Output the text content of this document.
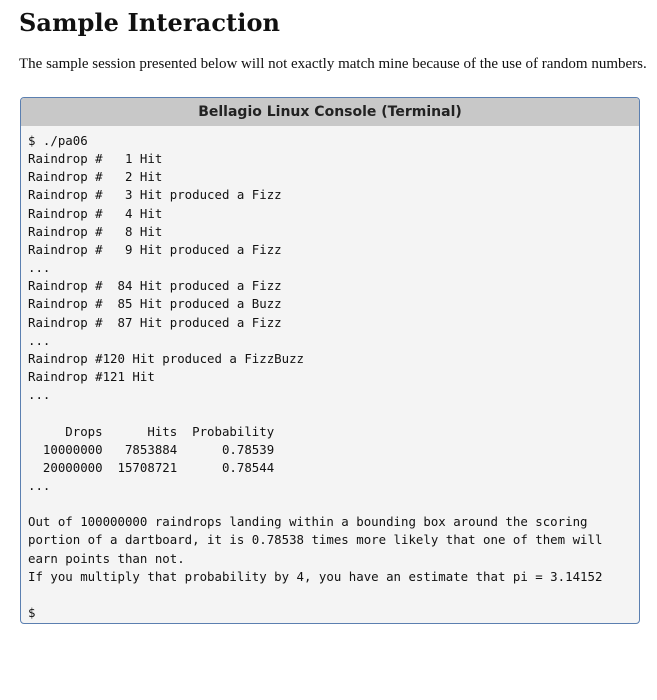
Sample Interaction

The sample session presented below will not exactly match mine because of the use of random numbers.

Bellagio Linux Console (Terminal)
$ ./pa06
Raindrop #   1 Hit
Raindrop #   2 Hit
Raindrop #   3 Hit produced a Fizz
Raindrop #   4 Hit
Raindrop #   8 Hit
Raindrop #   9 Hit produced a Fizz
...
Raindrop #  84 Hit produced a Fizz
Raindrop #  85 Hit produced a Buzz
Raindrop #  87 Hit produced a Fizz
...
Raindrop #120 Hit produced a FizzBuzz
Raindrop #121 Hit
...

Drops      Hits  Probability
10000000   7853884      0.78539
20000000  15708721      0.78544
...

Out of 100000000 raindrops landing within a bounding box around the scoring
portion of a dartboard, it is 0.78538 times more likely that one of them will
earn points than not.
If you multiply that probability by 4, you have an estimate that pi = 3.14152

$
